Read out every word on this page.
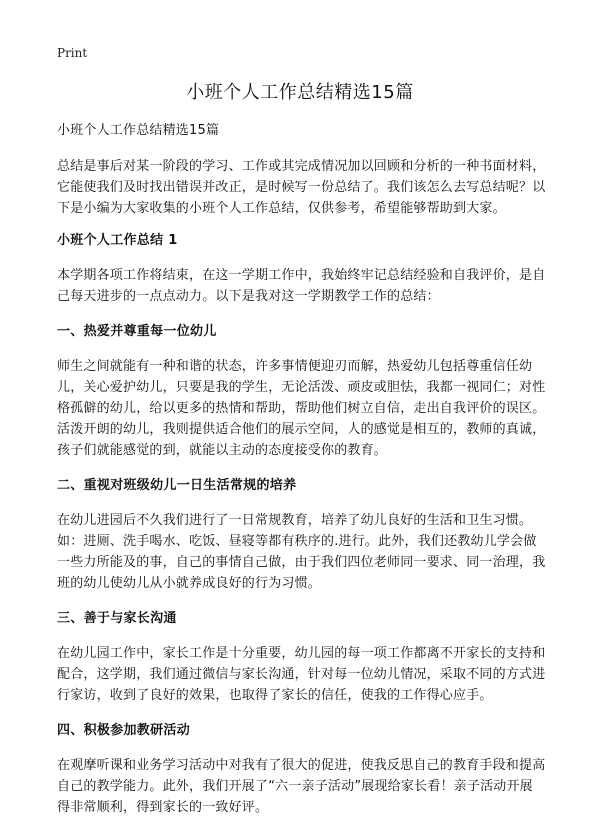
Print
小班个人工作总结精选15篇

小班个人工作总结精选15篇

总结是事后对某一阶段的学习、工作或其完成情况加以回顾和分析的一种书面材料，它能使我们及时找出错误并改正，是时候写一份总结了。我们该怎么去写总结呢？以下是小编为大家收集的小班个人工作总结，仅供参考，希望能够帮助到大家。

小班个人工作总结 1

本学期各项工作将结束，在这一学期工作中，我始终牢记总结经验和自我评价，是自己每天进步的一点点动力。以下是我对这一学期教学工作的总结：

一、热爱并尊重每一位幼儿

师生之间就能有一种和谐的状态，许多事情便迎刃而解，热爱幼儿包括尊重信任幼儿，关心爱护幼儿，只要是我的学生，无论活泼、顽皮或胆怯，我都一视同仁；对性格孤僻的幼儿，给以更多的热情和帮助，帮助他们树立自信，走出自我评价的误区。活泼开朗的幼儿，我则提供适合他们的展示空间，人的感觉是相互的，教师的真诚，孩子们就能感觉的到，就能以主动的态度接受你的教育。

二、重视对班级幼儿一日生活常规的培养

在幼儿进园后不久我们进行了一日常规教育，培养了幼儿良好的生活和卫生习惯。如：进厕、洗手喝水、吃饭、昼寝等都有秩序的.进行。此外，我们还教幼儿学会做一些力所能及的事，自己的事情自己做，由于我们四位老师同一要求、同一治理，我班的幼儿使幼儿从小就养成良好的行为习惯。

三、善于与家长沟通

在幼儿园工作中，家长工作是十分重要，幼儿园的每一项工作都离不开家长的支持和配合，这学期，我们通过微信与家长沟通，针对每一位幼儿情况，采取不同的方式进行家访，收到了良好的效果，也取得了家长的信任，使我的工作得心应手。

四、积极参加教研活动

在观摩听课和业务学习活动中对我有了很大的促进，使我反思自己的教育手段和提高自己的教学能力。此外，我们开展了“六一亲子活动”展现给家长看！亲子活动开展得非常顺利，得到家长的一致好评。
